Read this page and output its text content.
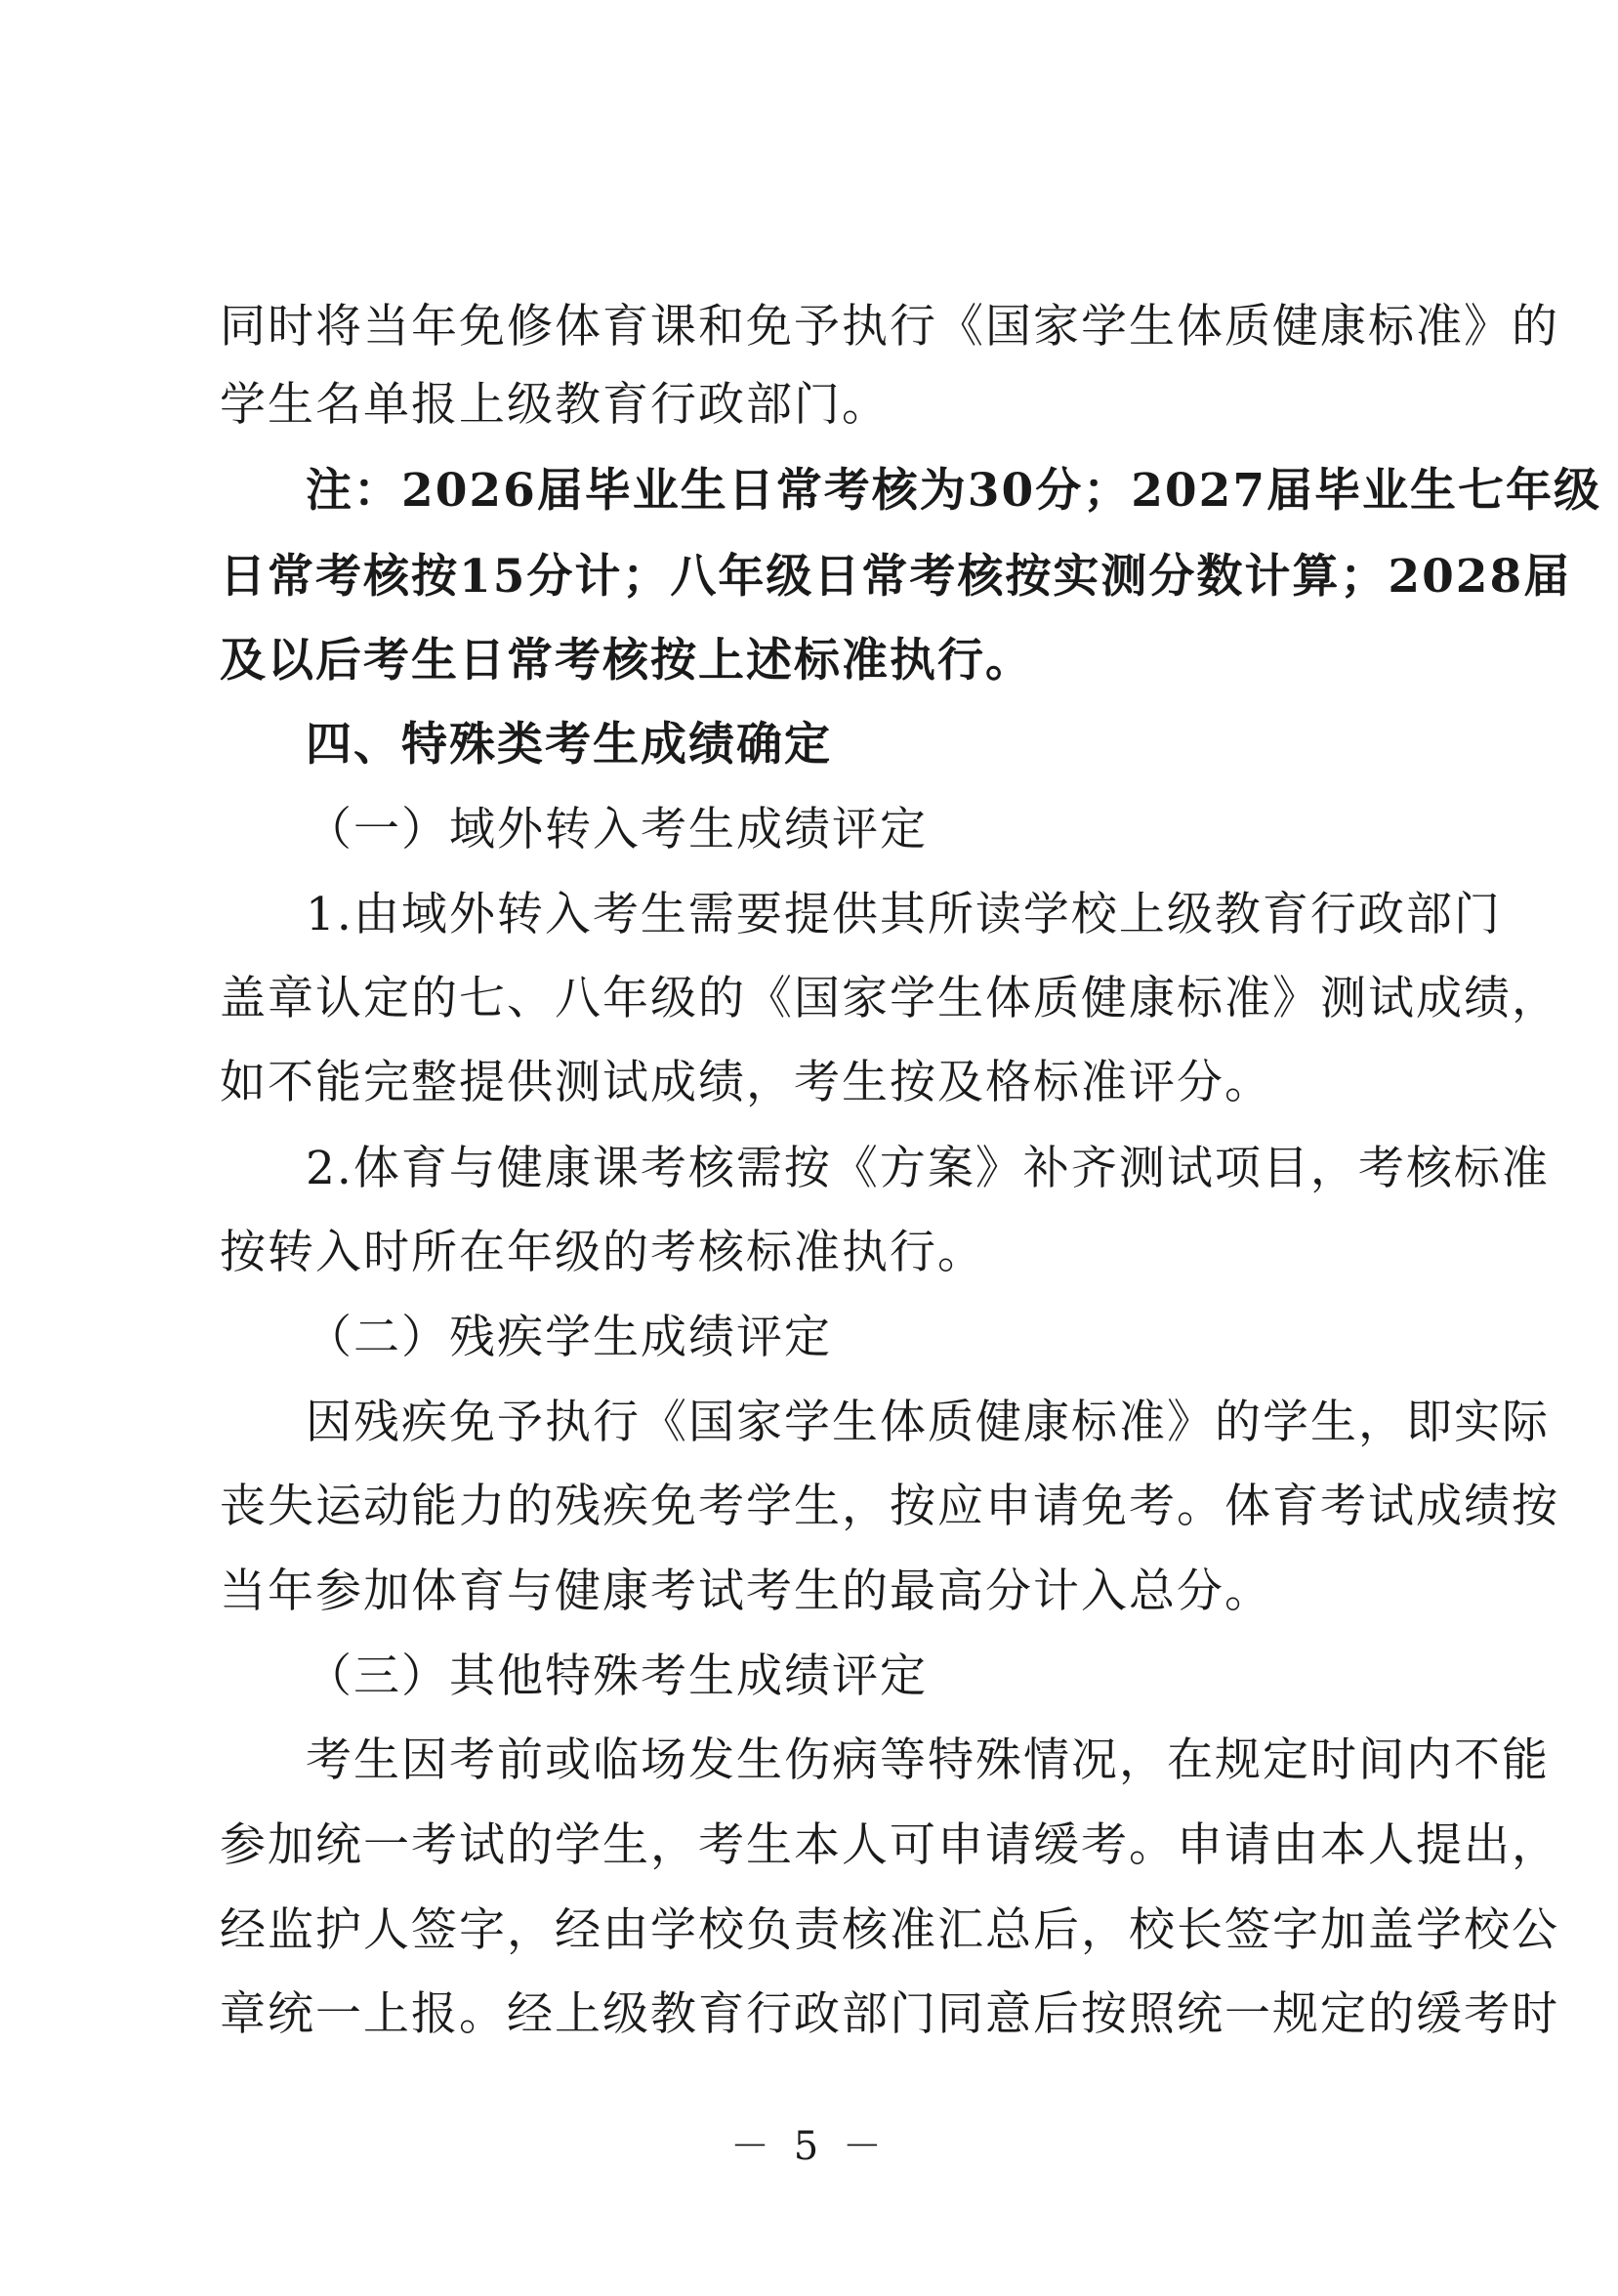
同时将当年免修体育课和免予执行《国家学生体质健康标准》的
学生名单报上级教育行政部门。
注：2026届毕业生日常考核为30分；2027届毕业生七年级
日常考核按15分计；八年级日常考核按实测分数计算；2028届
及以后考生日常考核按上述标准执行。
四、特殊类考生成绩确定
（一）域外转入考生成绩评定
1.由域外转入考生需要提供其所读学校上级教育行政部门
盖章认定的七、八年级的《国家学生体质健康标准》测试成绩，
如不能完整提供测试成绩，考生按及格标准评分。
2.体育与健康课考核需按《方案》补齐测试项目，考核标准
按转入时所在年级的考核标准执行。
（二）残疾学生成绩评定
因残疾免予执行《国家学生体质健康标准》的学生，即实际
丧失运动能力的残疾免考学生，按应申请免考。体育考试成绩按
当年参加体育与健康考试考生的最高分计入总分。
（三）其他特殊考生成绩评定
考生因考前或临场发生伤病等特殊情况，在规定时间内不能
参加统一考试的学生，考生本人可申请缓考。申请由本人提出，
经监护人签字，经由学校负责核准汇总后，校长签字加盖学校公
章统一上报。经上级教育行政部门同意后按照统一规定的缓考时
－ 5 －
